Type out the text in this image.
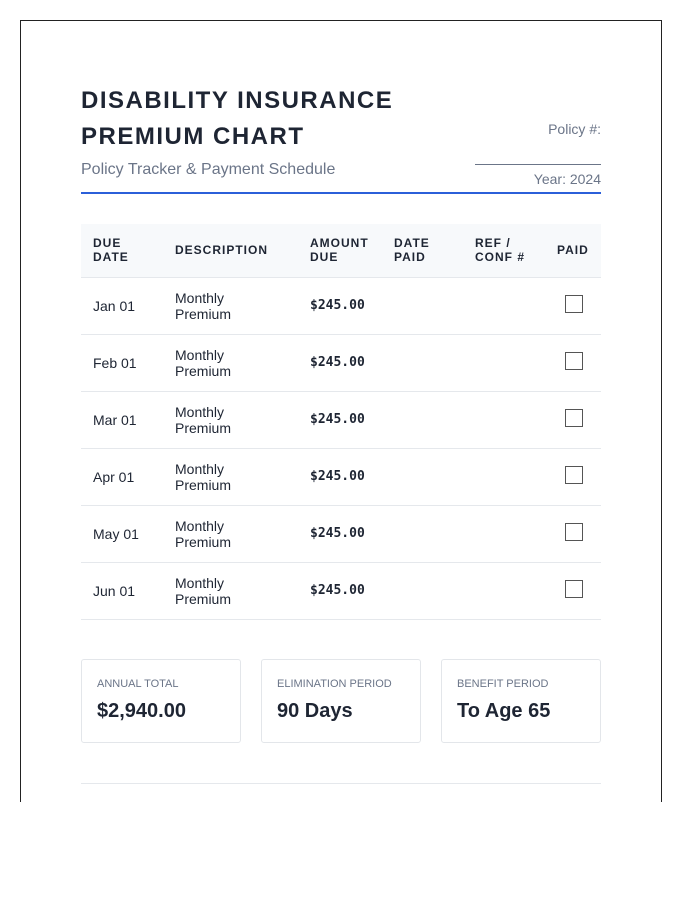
DISABILITY INSURANCE
PREMIUM CHART
Policy Tracker & Payment Schedule
Policy #:
Year: 2024
DUE DATE	DESCRIPTION	AMOUNT DUE	DATE PAID	REF / CONF #	PAID
Jan 01	Monthly Premium	$245.00			
Feb 01	Monthly Premium	$245.00			
Mar 01	Monthly Premium	$245.00			
Apr 01	Monthly Premium	$245.00			
May 01	Monthly Premium	$245.00			
Jun 01	Monthly Premium	$245.00			
ANNUAL TOTAL
$2,940.00
ELIMINATION PERIOD
90 Days
BENEFIT PERIOD
To Age 65
